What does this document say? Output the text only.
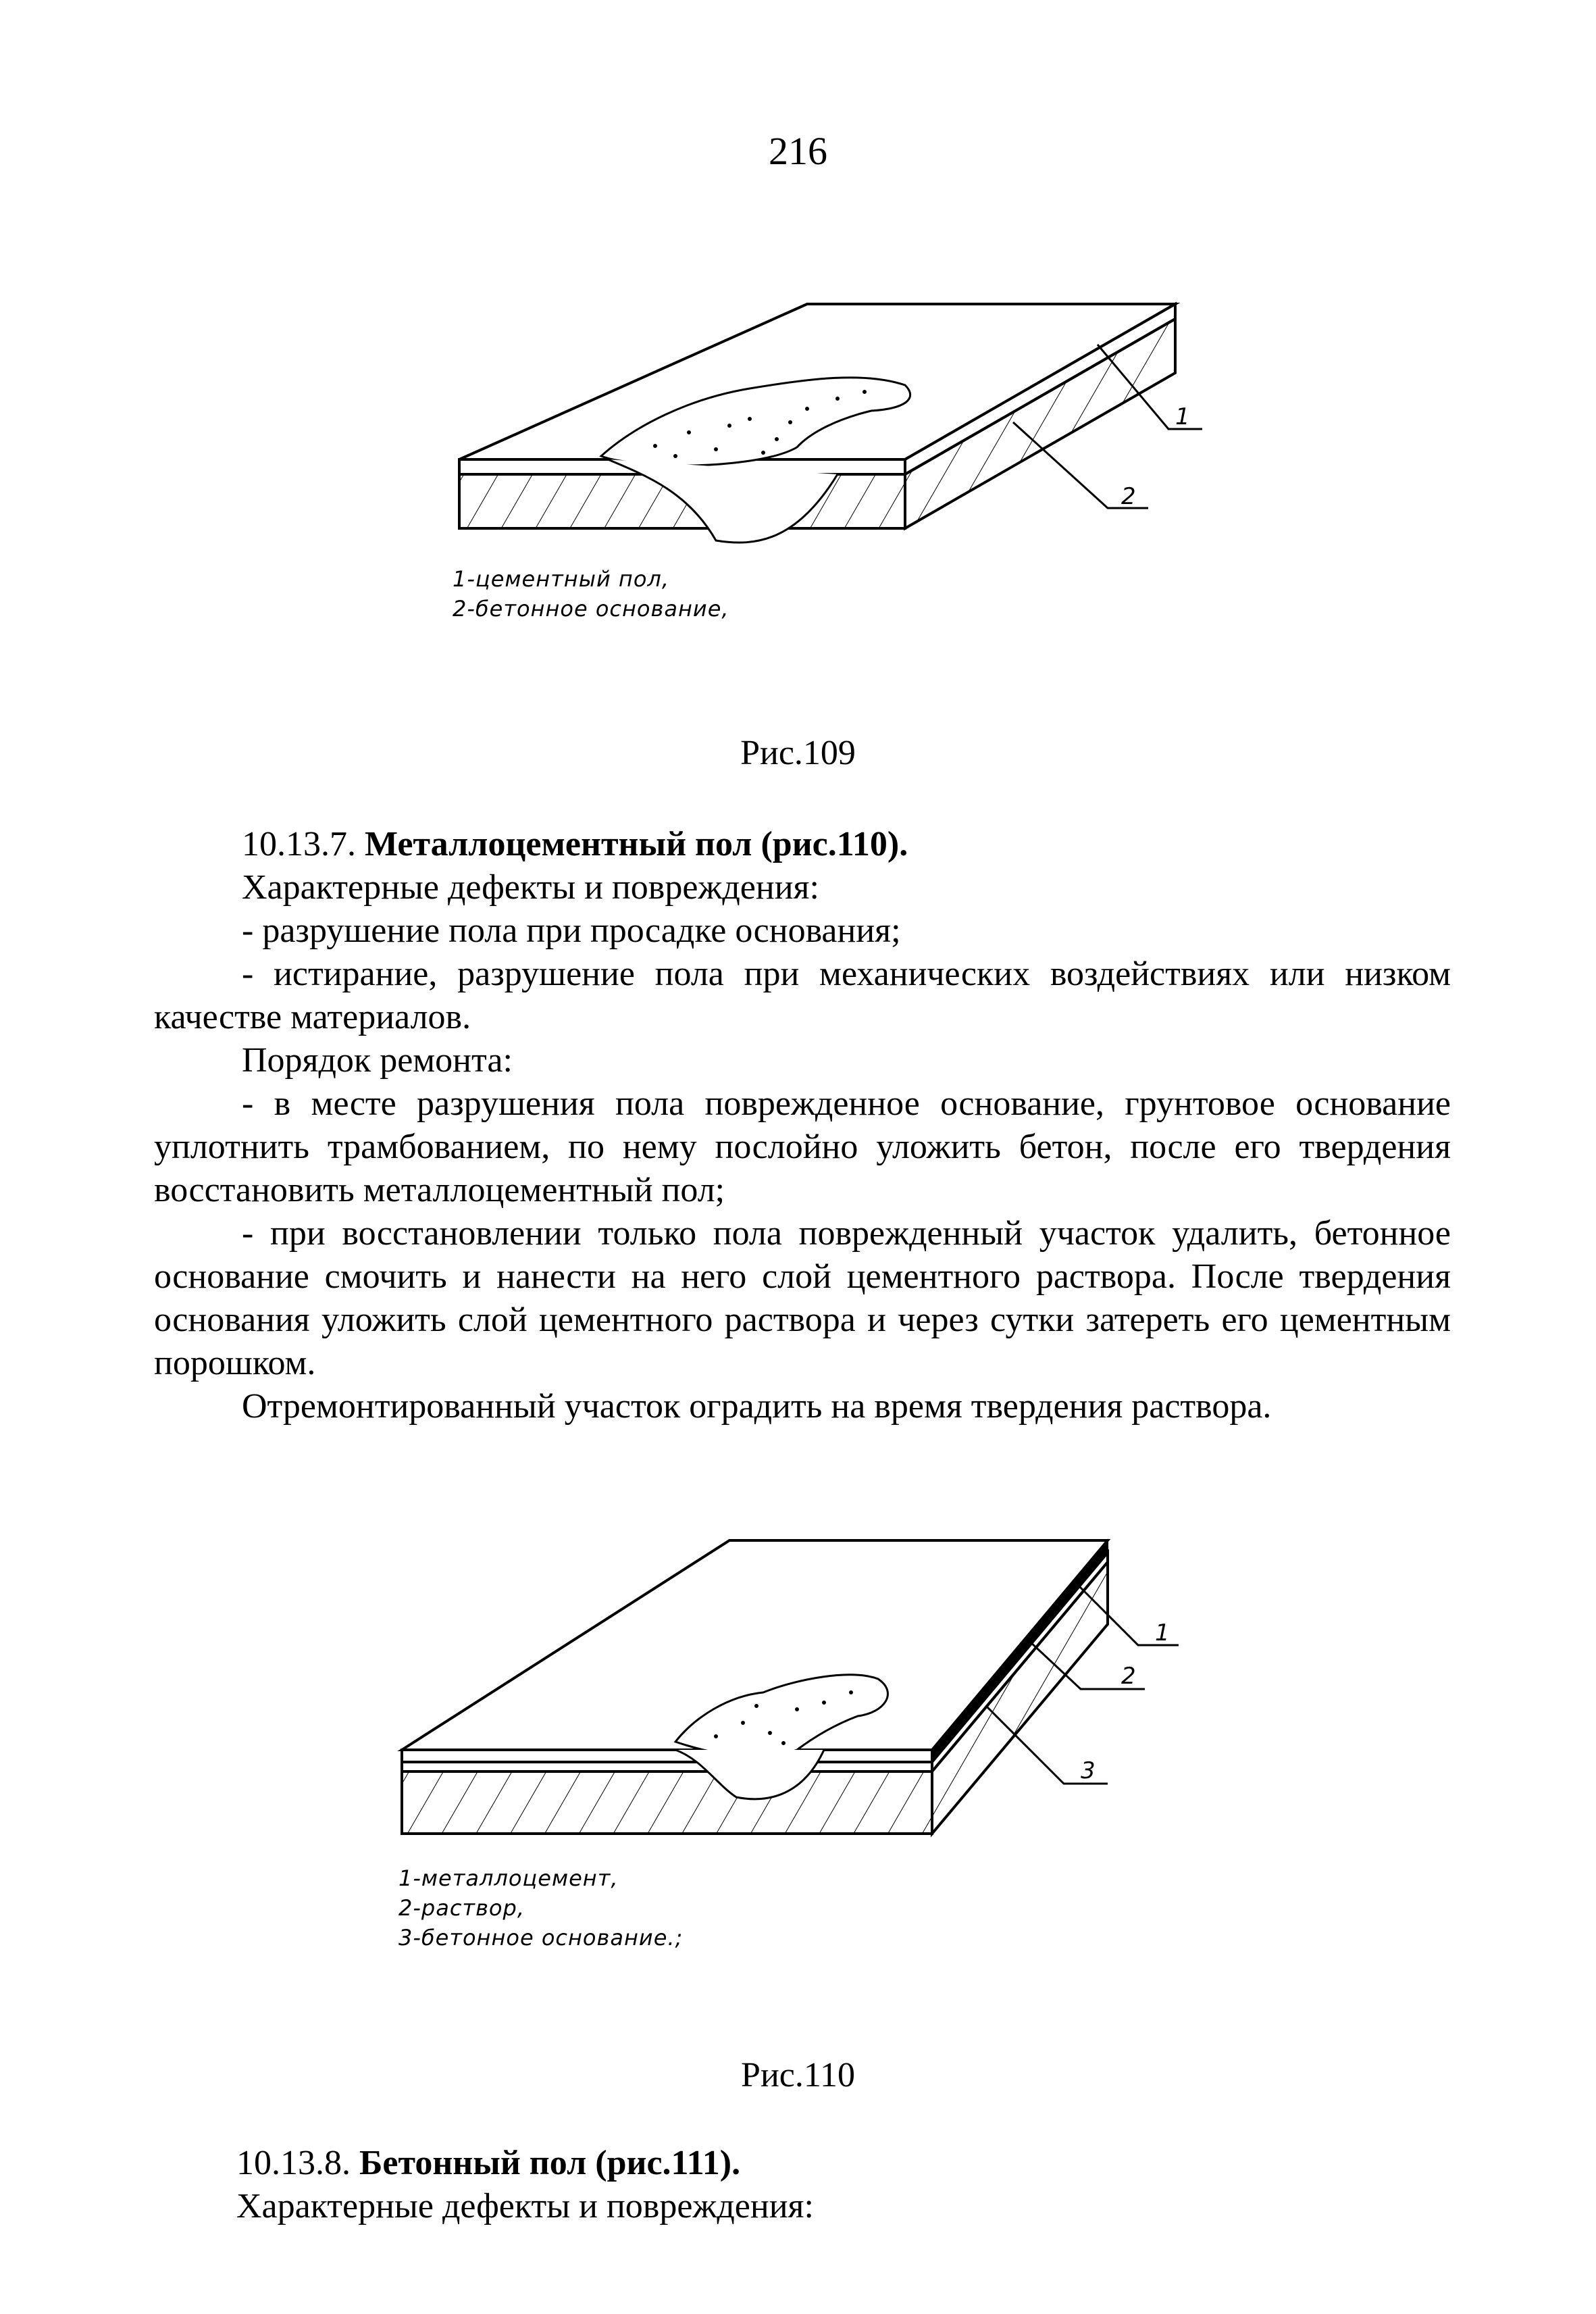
216
1
2
1-цементный пол,
2-бетонное основание,
Рис.109

10.13.7. Металлоцементный пол (рис.110).

Характерные дефекты и повреждения:

- разрушение пола при просадке основания;

- истирание, разрушение пола при механических воздействиях или низком качестве материалов.

Порядок ремонта:

- в месте разрушения пола поврежденное основание, грунтовое основание уплотнить трамбованием, по нему послойно уложить бетон, после его твердения восстановить металлоцементный пол;

- при восстановлении только пола поврежденный участок удалить, бетонное основание смочить и нанести на него слой цементного раствора. После твердения основания уложить слой цементного раствора и через сутки затереть его цементным порошком.

Отремонтированный участок оградить на время твердения раствора.

1
2
3
1-металлоцемент,
2-раствор,
3-бетонное основание.;
Рис.110

10.13.8. Бетонный пол (рис.111).

Характерные дефекты и повреждения:
